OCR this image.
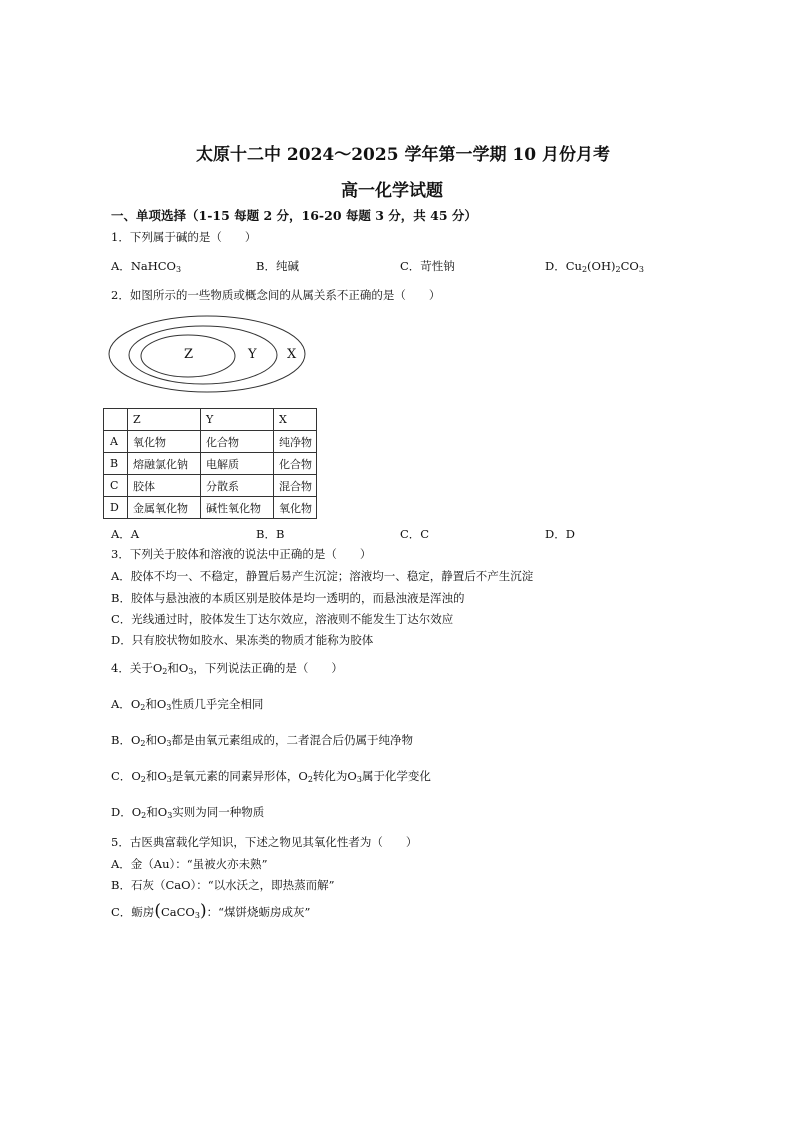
太原十二中 2024～2025 学年第一学期 10 月份月考
高一化学试题
一、单项选择（1-15 每题 2 分，16-20 每题 3 分，共 45 分）
1．下列属于碱的是（　　）
A．NaHCO$_3$	B．纯碱	C．苛性钠	D．$Cu_2(OH)_2CO_3$
2．如图所示的一些物质或概念间的从属关系不正确的是（　　）
Z	Y X
	Z	Y	X
A	氧化物	化合物	纯净物
B	熔融氯化钠	电解质	化合物
C	胶体	分散系	混合物
D	金属氧化物	碱性氧化物	氧化物
A．A	B．B	C．C	D．D
3．下列关于胶体和溶液的说法中正确的是（　　）
A．胶体不均一、不稳定，静置后易产生沉淀；溶液均一、稳定，静置后不产生沉淀
B．胶体与悬浊液的本质区别是胶体是均一透明的，而悬浊液是浑浊的
C．光线通过时，胶体发生丁达尔效应，溶液则不能发生丁达尔效应
D．只有胶状物如胶水、果冻类的物质才能称为胶体
4．关于$O_2$和$O_3$，下列说法正确的是（　　）
A．$O_2$和$O_3$性质几乎完全相同
B．$O_2$和$O_3$都是由氧元素组成的，二者混合后仍属于纯净物
C．$O_2$和$O_3$是氧元素的同素异形体，$O_2$转化为$O_3$属于化学变化
D．$O_2$和$O_3$实则为同一种物质
5．古医典富载化学知识，下述之物见其氧化性者为（　　）
A．金（Au）：“虽被火亦未熟”
B．石灰（CaO）：“以水沃之，即热蒸而解”
C．蛎房(CaCO$_3$)：“煤饼烧蛎房成灰”
